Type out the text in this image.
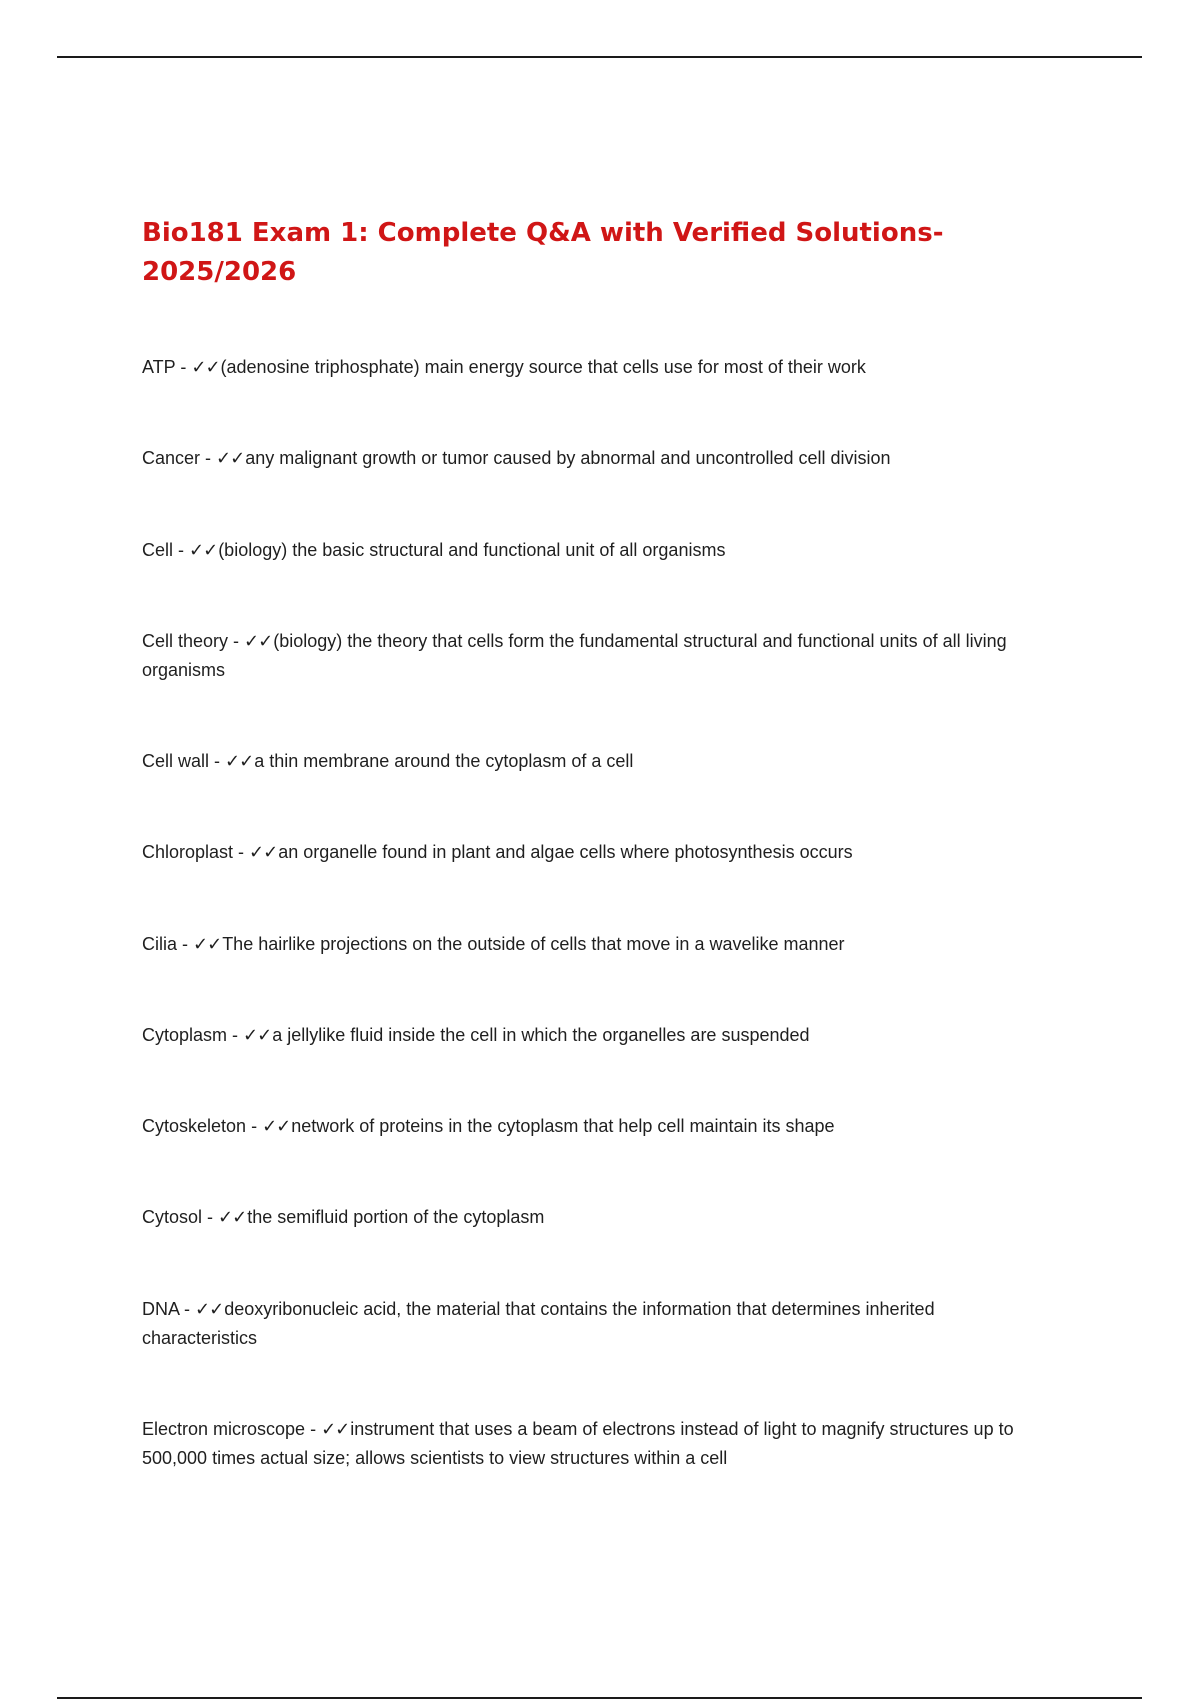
Bio181 Exam 1: Complete Q&A with Verified Solutions- 2025/2026

ATP - ✓✓(adenosine triphosphate) main energy source that cells use for most of their work

Cancer - ✓✓any malignant growth or tumor caused by abnormal and uncontrolled cell division

Cell - ✓✓(biology) the basic structural and functional unit of all organisms

Cell theory - ✓✓(biology) the theory that cells form the fundamental structural and functional units of all living organisms

Cell wall - ✓✓a thin membrane around the cytoplasm of a cell

Chloroplast - ✓✓an organelle found in plant and algae cells where photosynthesis occurs

Cilia - ✓✓The hairlike projections on the outside of cells that move in a wavelike manner

Cytoplasm - ✓✓a jellylike fluid inside the cell in which the organelles are suspended

Cytoskeleton - ✓✓network of proteins in the cytoplasm that help cell maintain its shape

Cytosol - ✓✓the semifluid portion of the cytoplasm

DNA - ✓✓deoxyribonucleic acid, the material that contains the information that determines inherited characteristics

Electron microscope - ✓✓instrument that uses a beam of electrons instead of light to magnify structures up to 500,000 times actual size; allows scientists to view structures within a cell
